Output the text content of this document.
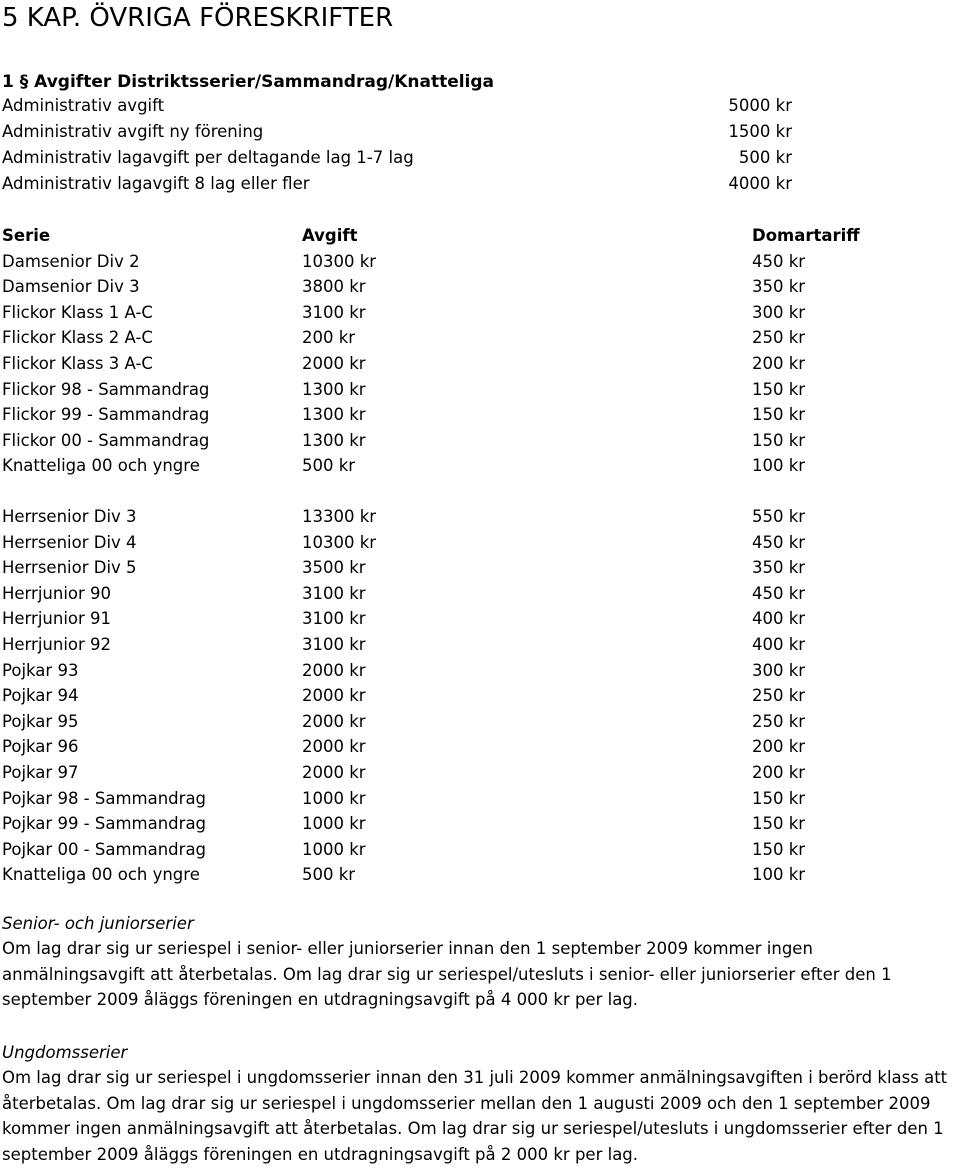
5 KAP. ÖVRIGA FÖRESKRIFTER
1 § Avgifter Distriktsserier/Sammandrag/Knatteliga
Administrativ avgift	5000 kr
Administrativ avgift ny förening	1500 kr
Administrativ lagavgift per deltagande lag 1-7 lag	500 kr
Administrativ lagavgift 8 lag eller fler	4000 kr
Serie	Avgift	Domartariff
Damsenior Div 2	10300 kr	450 kr
Damsenior Div 3	3800 kr	350 kr
Flickor Klass 1 A-C	3100 kr	300 kr
Flickor Klass 2 A-C	200 kr	250 kr
Flickor Klass 3 A-C	2000 kr	200 kr
Flickor 98 - Sammandrag	1300 kr	150 kr
Flickor 99 - Sammandrag	1300 kr	150 kr
Flickor 00 - Sammandrag	1300 kr	150 kr
Knatteliga 00 och yngre	500 kr	100 kr
Herrsenior Div 3	13300 kr	550 kr
Herrsenior Div 4	10300 kr	450 kr
Herrsenior Div 5	3500 kr	350 kr
Herrjunior 90	3100 kr	450 kr
Herrjunior 91	3100 kr	400 kr
Herrjunior 92	3100 kr	400 kr
Pojkar 93	2000 kr	300 kr
Pojkar 94	2000 kr	250 kr
Pojkar 95	2000 kr	250 kr
Pojkar 96	2000 kr	200 kr
Pojkar 97	2000 kr	200 kr
Pojkar 98 - Sammandrag	1000 kr	150 kr
Pojkar 99 - Sammandrag	1000 kr	150 kr
Pojkar 00 - Sammandrag	1000 kr	150 kr
Knatteliga 00 och yngre	500 kr	100 kr
Senior- och juniorserier
Om lag drar sig ur seriespel i senior- eller juniorserier innan den 1 september 2009 kommer ingen anmälningsavgift att återbetalas. Om lag drar sig ur seriespel/utesluts i senior- eller juniorserier efter den 1 september 2009 åläggs föreningen en utdragningsavgift på 4 000 kr per lag.
Ungdomsserier
Om lag drar sig ur seriespel i ungdomsserier innan den 31 juli 2009 kommer anmälningsavgiften i berörd klass att återbetalas. Om lag drar sig ur seriespel i ungdomsserier mellan den 1 augusti 2009 och den 1 september 2009 kommer ingen anmälningsavgift att återbetalas. Om lag drar sig ur seriespel/utesluts i ungdomsserier efter den 1 september 2009 åläggs föreningen en utdragningsavgift på 2 000 kr per lag.
